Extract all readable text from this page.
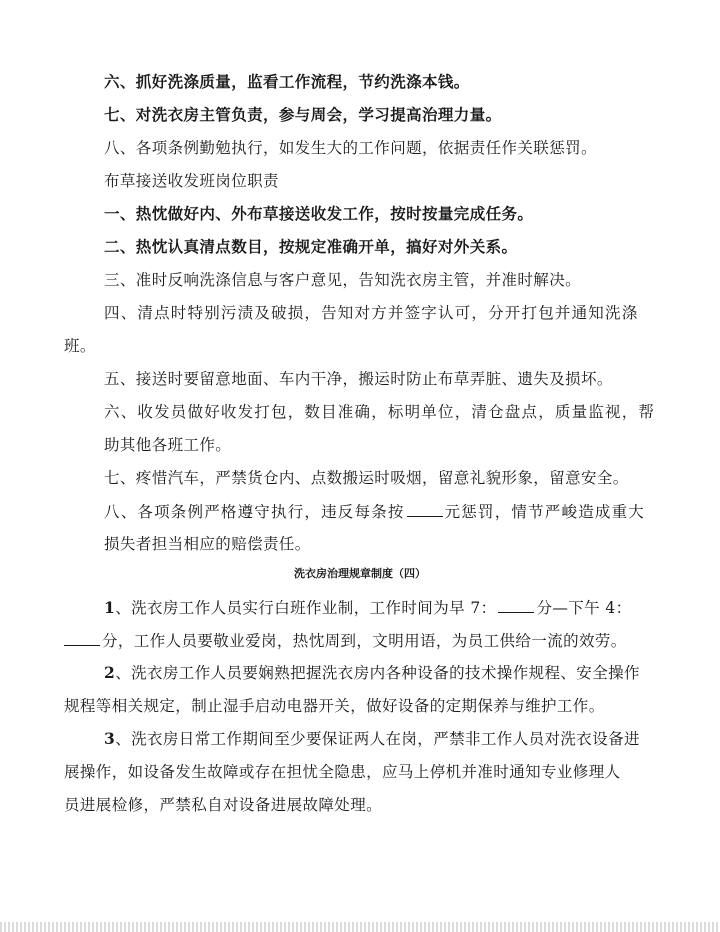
六、抓好洗涤质量，监看工作流程，节约洗涤本钱。
七、对洗衣房主管负责，参与周会，学习提高治理力量。
八、各项条例勤勉执行，如发生大的工作问题，依据责任作关联惩罚。
布草接送收发班岗位职责
一、热忱做好内、外布草接送收发工作，按时按量完成任务。
二、热忱认真清点数目，按规定准确开单，搞好对外关系。
三、准时反响洗涤信息与客户意见，告知洗衣房主管，并准时解决。
四、清点时特别污渍及破损，告知对方并签字认可，分开打包并通知洗涤
班。
五、接送时要留意地面、车内干净，搬运时防止布草弄脏、遗失及损坏。
六、收发员做好收发打包，数目准确，标明单位，清仓盘点，质量监视，帮
助其他各班工作。
七、疼惜汽车，严禁货仓内、点数搬运时吸烟，留意礼貌形象，留意安全。
八、各项条例严格遵守执行，违反每条按	元惩罚，情节严峻造成重大
损失者担当相应的赔偿责任。
洗衣房治理规章制度（四）
1、洗衣房工作人员实行白班作业制，工作时间为早 7：	分—下午 4：
分，工作人员要敬业爱岗，热忱周到，文明用语，为员工供给一流的效劳。
2、洗衣房工作人员要娴熟把握洗衣房内各种设备的技术操作规程、安全操作
规程等相关规定，制止湿手启动电器开关，做好设备的定期保养与维护工作。
3、洗衣房日常工作期间至少要保证两人在岗，严禁非工作人员对洗衣设备进
展操作，如设备发生故障或存在担忧全隐患，应马上停机并准时通知专业修理人
员进展检修，严禁私自对设备进展故障处理。
